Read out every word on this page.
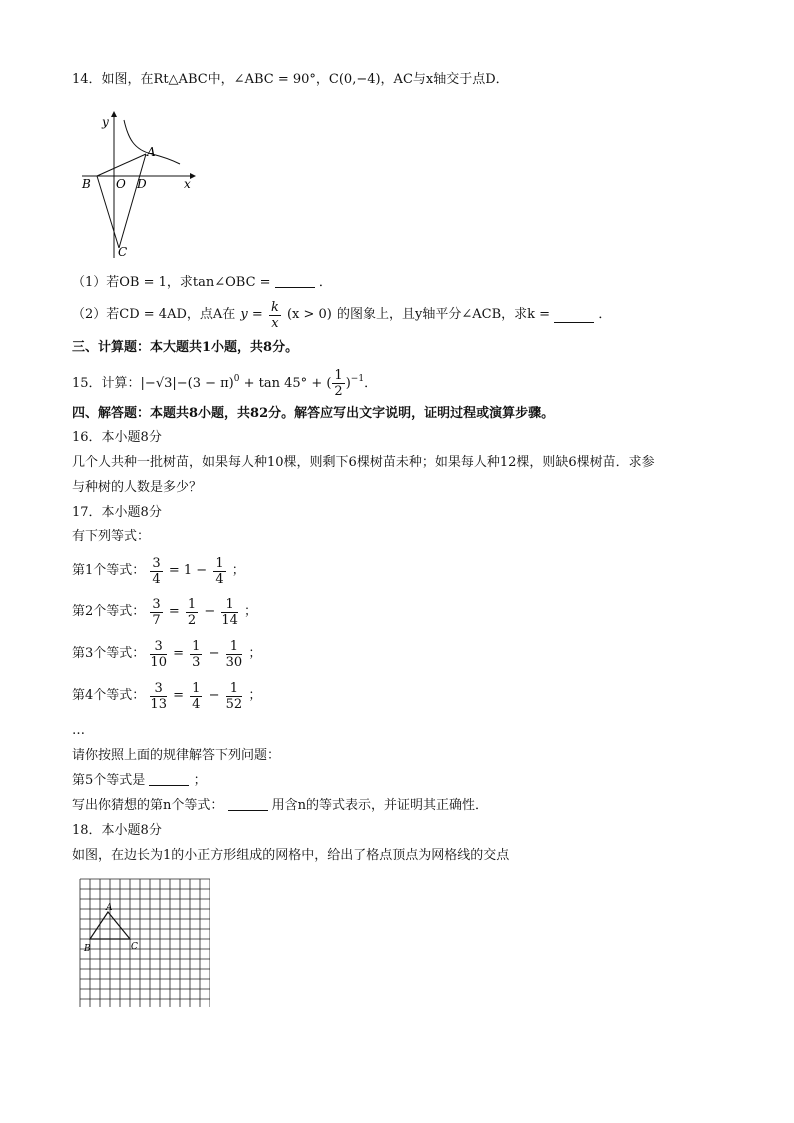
14．如图，在Rt△ABC中，∠ABC = 90°，C(0,−4)，AC与x轴交于点D．
y
x
A
B O D
C
（1）若OB = 1，求tan∠OBC =	．
（2）若CD = 4AD，点A在 $y = \frac{k}{x} (x > 0)$ 的图象上，且y轴平分∠ACB，求k =	．
三、计算题：本大题共1小题，共8分。
15．计算：$|-√3|-(3 - \pi)^0 + \tan 45^\circ$ + ( $\frac{1}{2} )^{-1}$．
四、解答题：本题共8小题，共82分。解答应写出文字说明，证明过程或演算步骤。
16．本小题8分
几个人共种一批树苗，如果每人种10棵，则剩下6棵树苗未种；如果每人种12棵，则缺6棵树苗．求参
与种树的人数是多少？
17．本小题8分
有下列等式：
第1个等式： $\frac{3}{4} = 1 - \frac{1}{4}$ ；
第2个等式： $\frac{3}{7} = \frac{1}{2} - \frac{1}{14}$ ；
第3个等式： $\frac{3}{10} = \frac{1}{3} - \frac{1}{30}$ ；
第4个等式： $\frac{3}{13} = \frac{1}{4} - \frac{1}{52}$ ；
…
请你按照上面的规律解答下列问题：
第5个等式是	；
写出你猜想的第n个等式：	用含n的等式表示，并证明其正确性．
18．本小题8分
如图，在边长为1的小正方形组成的网格中，给出了格点顶点为网格线的交点
A
B	C
